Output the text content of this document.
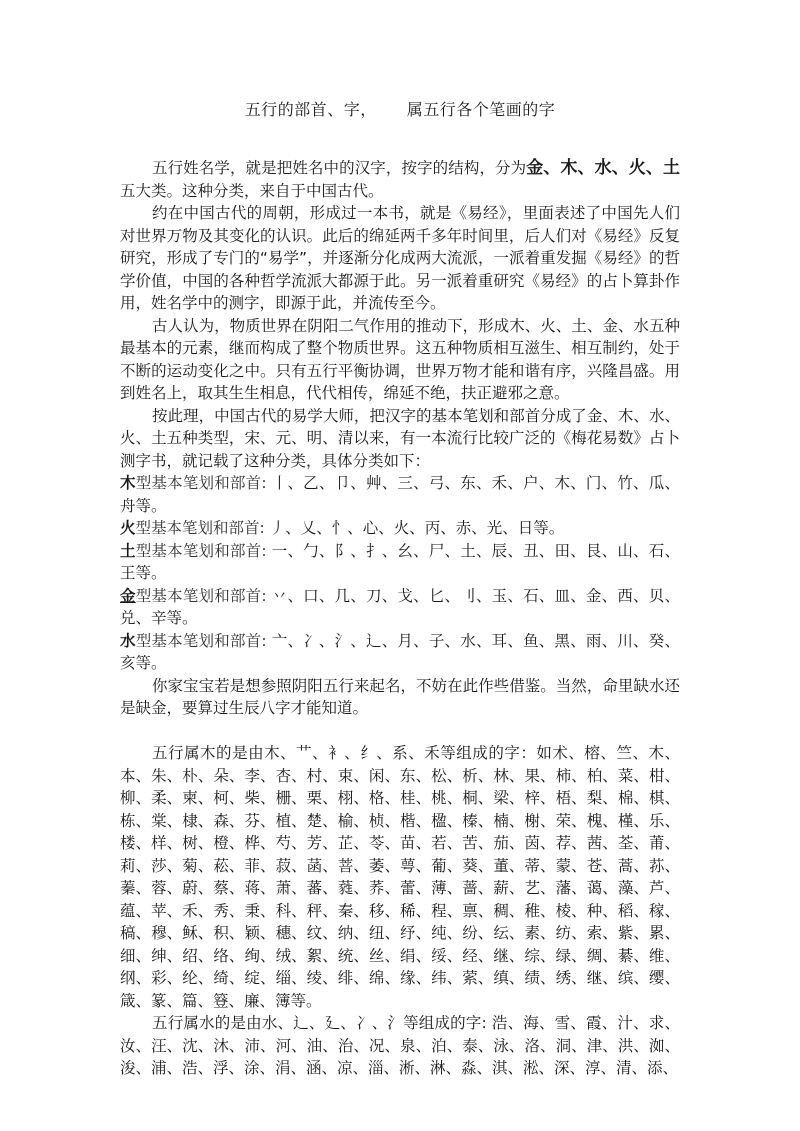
五行的部首、字， 属五行各个笔画的字

五行姓名学，就是把姓名中的汉字，按字的结构，分为金、木、水、火、土五大类。这种分类，来自于中国古代。

约在中国古代的周朝，形成过一本书，就是《易经》，里面表述了中国先人们对世界万物及其变化的认识。此后的绵延两千多年时间里，后人们对《易经》反复研究，形成了专门的“易学”，并逐渐分化成两大流派，一派着重发掘《易经》的哲学价值，中国的各种哲学流派大都源于此。另一派着重研究《易经》的占卜算卦作用，姓名学中的测字，即源于此，并流传至今。

古人认为，物质世界在阴阳二气作用的推动下，形成木、火、土、金、水五种最基本的元素，继而构成了整个物质世界。这五种物质相互滋生、相互制约，处于不断的运动变化之中。只有五行平衡协调，世界万物才能和谐有序，兴隆昌盛。用到姓名上，取其生生相息，代代相传，绵延不绝，扶正避邪之意。

按此理，中国古代的易学大师，把汉字的基本笔划和部首分成了金、木、水、火、土五种类型，宋、元、明、清以来，有一本流行比较广泛的《梅花易数》占卜测字书，就记载了这种分类，具体分类如下：

木型基本笔划和部首: 丨、乙、卩、艸、三、弓、东、禾、户、木、门、竹、瓜、舟等。

火型基本笔划和部首: 丿、乂、忄、心、火、丙、赤、光、日等。

土型基本笔划和部首: 一、勹、阝、扌、幺、尸、土、辰、丑、田、艮、山、石、王等。

金型基本笔划和部首: 丷、口、几、刀、戈、匕、刂、玉、石、皿、金、西、贝、兑、辛等。

水型基本笔划和部首: 亠、冫、氵、辶、月、子、水、耳、鱼、黑、雨、川、癸、亥等。

你家宝宝若是想参照阴阳五行来起名，不妨在此作些借鉴。当然，命里缺水还是缺金，要算过生辰八字才能知道。

五行属木的是由木、艹、衤、纟、系、禾等组成的字：如术、榕、竺、木、本、朱、朴、朵、李、杏、村、束、闲、东、松、析、林、果、柿、柏、菜、柑、柳、柔、柬、柯、柴、栅、栗、栩、格、桂、桃、桐、梁、梓、梧、梨、棉、棋、栋、棠、棣、森、芬、植、楚、榆、桢、楷、楹、榛、楠、榭、荣、槐、槿、乐、楼、样、树、橙、桦、芍、芳、芷、苓、苗、若、苦、茄、茵、荐、茜、荃、莆、莉、莎、菊、菘、菲、菽、菡、菩、萎、萼、葡、葵、董、蒂、蒙、苍、蒿、荪、蓁、蓉、蔚、蔡、蒋、萧、蕃、蕤、荞、蕾、薄、蔷、薪、艺、藩、蔼、藻、芦、蕴、苹、禾、秀、秉、科、秤、秦、移、稀、程、禀、稠、稚、棱、种、稻、稼、稿、穆、稣、积、颖、穗、纹、纳、纽、纾、纯、纷、纭、素、纺、索、紫、累、细、绅、绍、络、绚、绒、絮、统、丝、绢、绥、经、继、综、绿、绸、綦、维、纲、彩、纶、绮、绽、缁、绫、绯、绵、缘、纬、萦、缜、绩、绣、继、缤、缨、箴、篆、篇、簦、廉、簿等。

五行属水的是由水、辶、廴、冫、氵等组成的字: 浩、海、雪、霞、汁、求、汝、汪、沈、沐、沛、河、油、治、况、泉、泊、泰、泳、洛、洞、津、洪、洳、浚、浦、浩、浮、涂、涓、涵、凉、淄、淅、淋、淼、淇、淞、深、淳、清、添、
